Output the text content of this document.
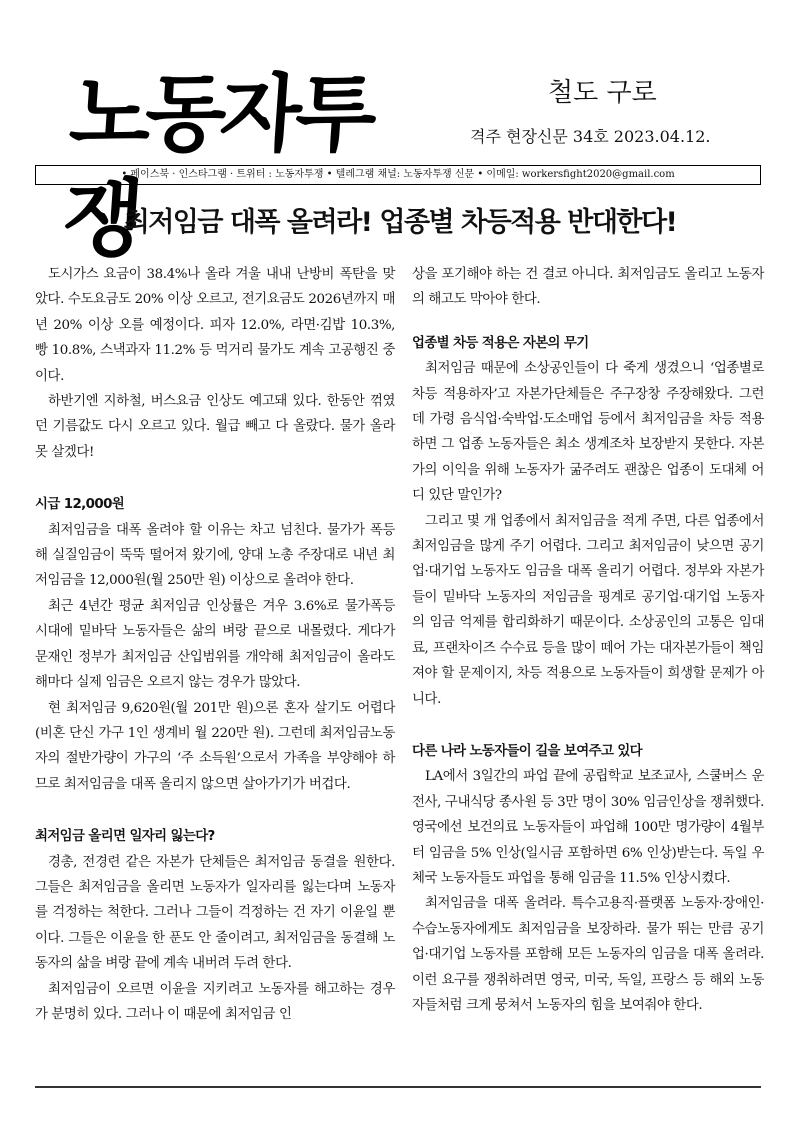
노동자투쟁
철도 구로
격주 현장신문 34호 2023.04.12.
• 페이스북 · 인스타그램 · 트위터 : 노동자투쟁 • 텔레그램 채널: 노동자투쟁 신문 • 이메일: workersfight2020@gmail.com
최저임금 대폭 올려라! 업종별 차등적용 반대한다!

도시가스 요금이 38.4%나 올라 겨울 내내 난방비 폭탄을 맞았다. 수도요금도 20% 이상 오르고, 전기요금도 2026년까지 매년 20% 이상 오를 예정이다. 피자 12.0%, 라면·김밥 10.3%, 빵 10.8%, 스낵과자 11.2% 등 먹거리 물가도 계속 고공행진 중이다.

하반기엔 지하철, 버스요금 인상도 예고돼 있다. 한동안 꺾였던 기름값도 다시 오르고 있다. 월급 빼고 다 올랐다. 물가 올라 못 살겠다!

시급 12,000원

최저임금을 대폭 올려야 할 이유는 차고 넘친다. 물가가 폭등해 실질임금이 뚝뚝 떨어져 왔기에, 양대 노총 주장대로 내년 최저임금을 12,000원(월 250만 원) 이상으로 올려야 한다.

최근 4년간 평균 최저임금 인상률은 겨우 3.6%로 물가폭등 시대에 밑바닥 노동자들은 삶의 벼랑 끝으로 내몰렸다. 게다가 문재인 정부가 최저임금 산입범위를 개악해 최저임금이 올라도 해마다 실제 임금은 오르지 않는 경우가 많았다.

현 최저임금 9,620원(월 201만 원)으론 혼자 살기도 어렵다(비혼 단신 가구 1인 생계비 월 220만 원). 그런데 최저임금노동자의 절반가량이 가구의 ‘주 소득원’으로서 가족을 부양해야 하므로 최저임금을 대폭 올리지 않으면 살아가기가 버겁다.

최저임금 올리면 일자리 잃는다?

경총, 전경련 같은 자본가 단체들은 최저임금 동결을 원한다. 그들은 최저임금을 올리면 노동자가 일자리를 잃는다며 노동자를 걱정하는 척한다. 그러나 그들이 걱정하는 건 자기 이윤일 뿐이다. 그들은 이윤을 한 푼도 안 줄이려고, 최저임금을 동결해 노동자의 삶을 벼랑 끝에 계속 내버려 두려 한다.

최저임금이 오르면 이윤을 지키려고 노동자를 해고하는 경우가 분명히 있다. 그러나 이 때문에 최저임금 인

상을 포기해야 하는 건 결코 아니다. 최저임금도 올리고 노동자의 해고도 막아야 한다.

업종별 차등 적용은 자본의 무기

최저임금 때문에 소상공인들이 다 죽게 생겼으니 ‘업종별로 차등 적용하자’고 자본가단체들은 주구장창 주장해왔다. 그런데 가령 음식업·숙박업·도소매업 등에서 최저임금을 차등 적용하면 그 업종 노동자들은 최소 생계조차 보장받지 못한다. 자본가의 이익을 위해 노동자가 굶주려도 괜찮은 업종이 도대체 어디 있단 말인가?

그리고 몇 개 업종에서 최저임금을 적게 주면, 다른 업종에서 최저임금을 많게 주기 어렵다. 그리고 최저임금이 낮으면 공기업·대기업 노동자도 임금을 대폭 올리기 어렵다. 정부와 자본가들이 밑바닥 노동자의 저임금을 핑계로 공기업·대기업 노동자의 임금 억제를 합리화하기 때문이다. 소상공인의 고통은 임대료, 프랜차이즈 수수료 등을 많이 떼어 가는 대자본가들이 책임져야 할 문제이지, 차등 적용으로 노동자들이 희생할 문제가 아니다.

다른 나라 노동자들이 길을 보여주고 있다

LA에서 3일간의 파업 끝에 공립학교 보조교사, 스쿨버스 운전사, 구내식당 종사원 등 3만 명이 30% 임금인상을 쟁취했다. 영국에선 보건의료 노동자들이 파업해 100만 명가량이 4월부터 임금을 5% 인상(일시금 포함하면 6% 인상)받는다. 독일 우체국 노동자들도 파업을 통해 임금을 11.5% 인상시켰다.

최저임금을 대폭 올려라. 특수고용직·플랫폼 노동자·장애인·수습노동자에게도 최저임금을 보장하라. 물가 뛰는 만큼 공기업·대기업 노동자를 포함해 모든 노동자의 임금을 대폭 올려라. 이런 요구를 쟁취하려면 영국, 미국, 독일, 프랑스 등 해외 노동자들처럼 크게 뭉쳐서 노동자의 힘을 보여줘야 한다.
